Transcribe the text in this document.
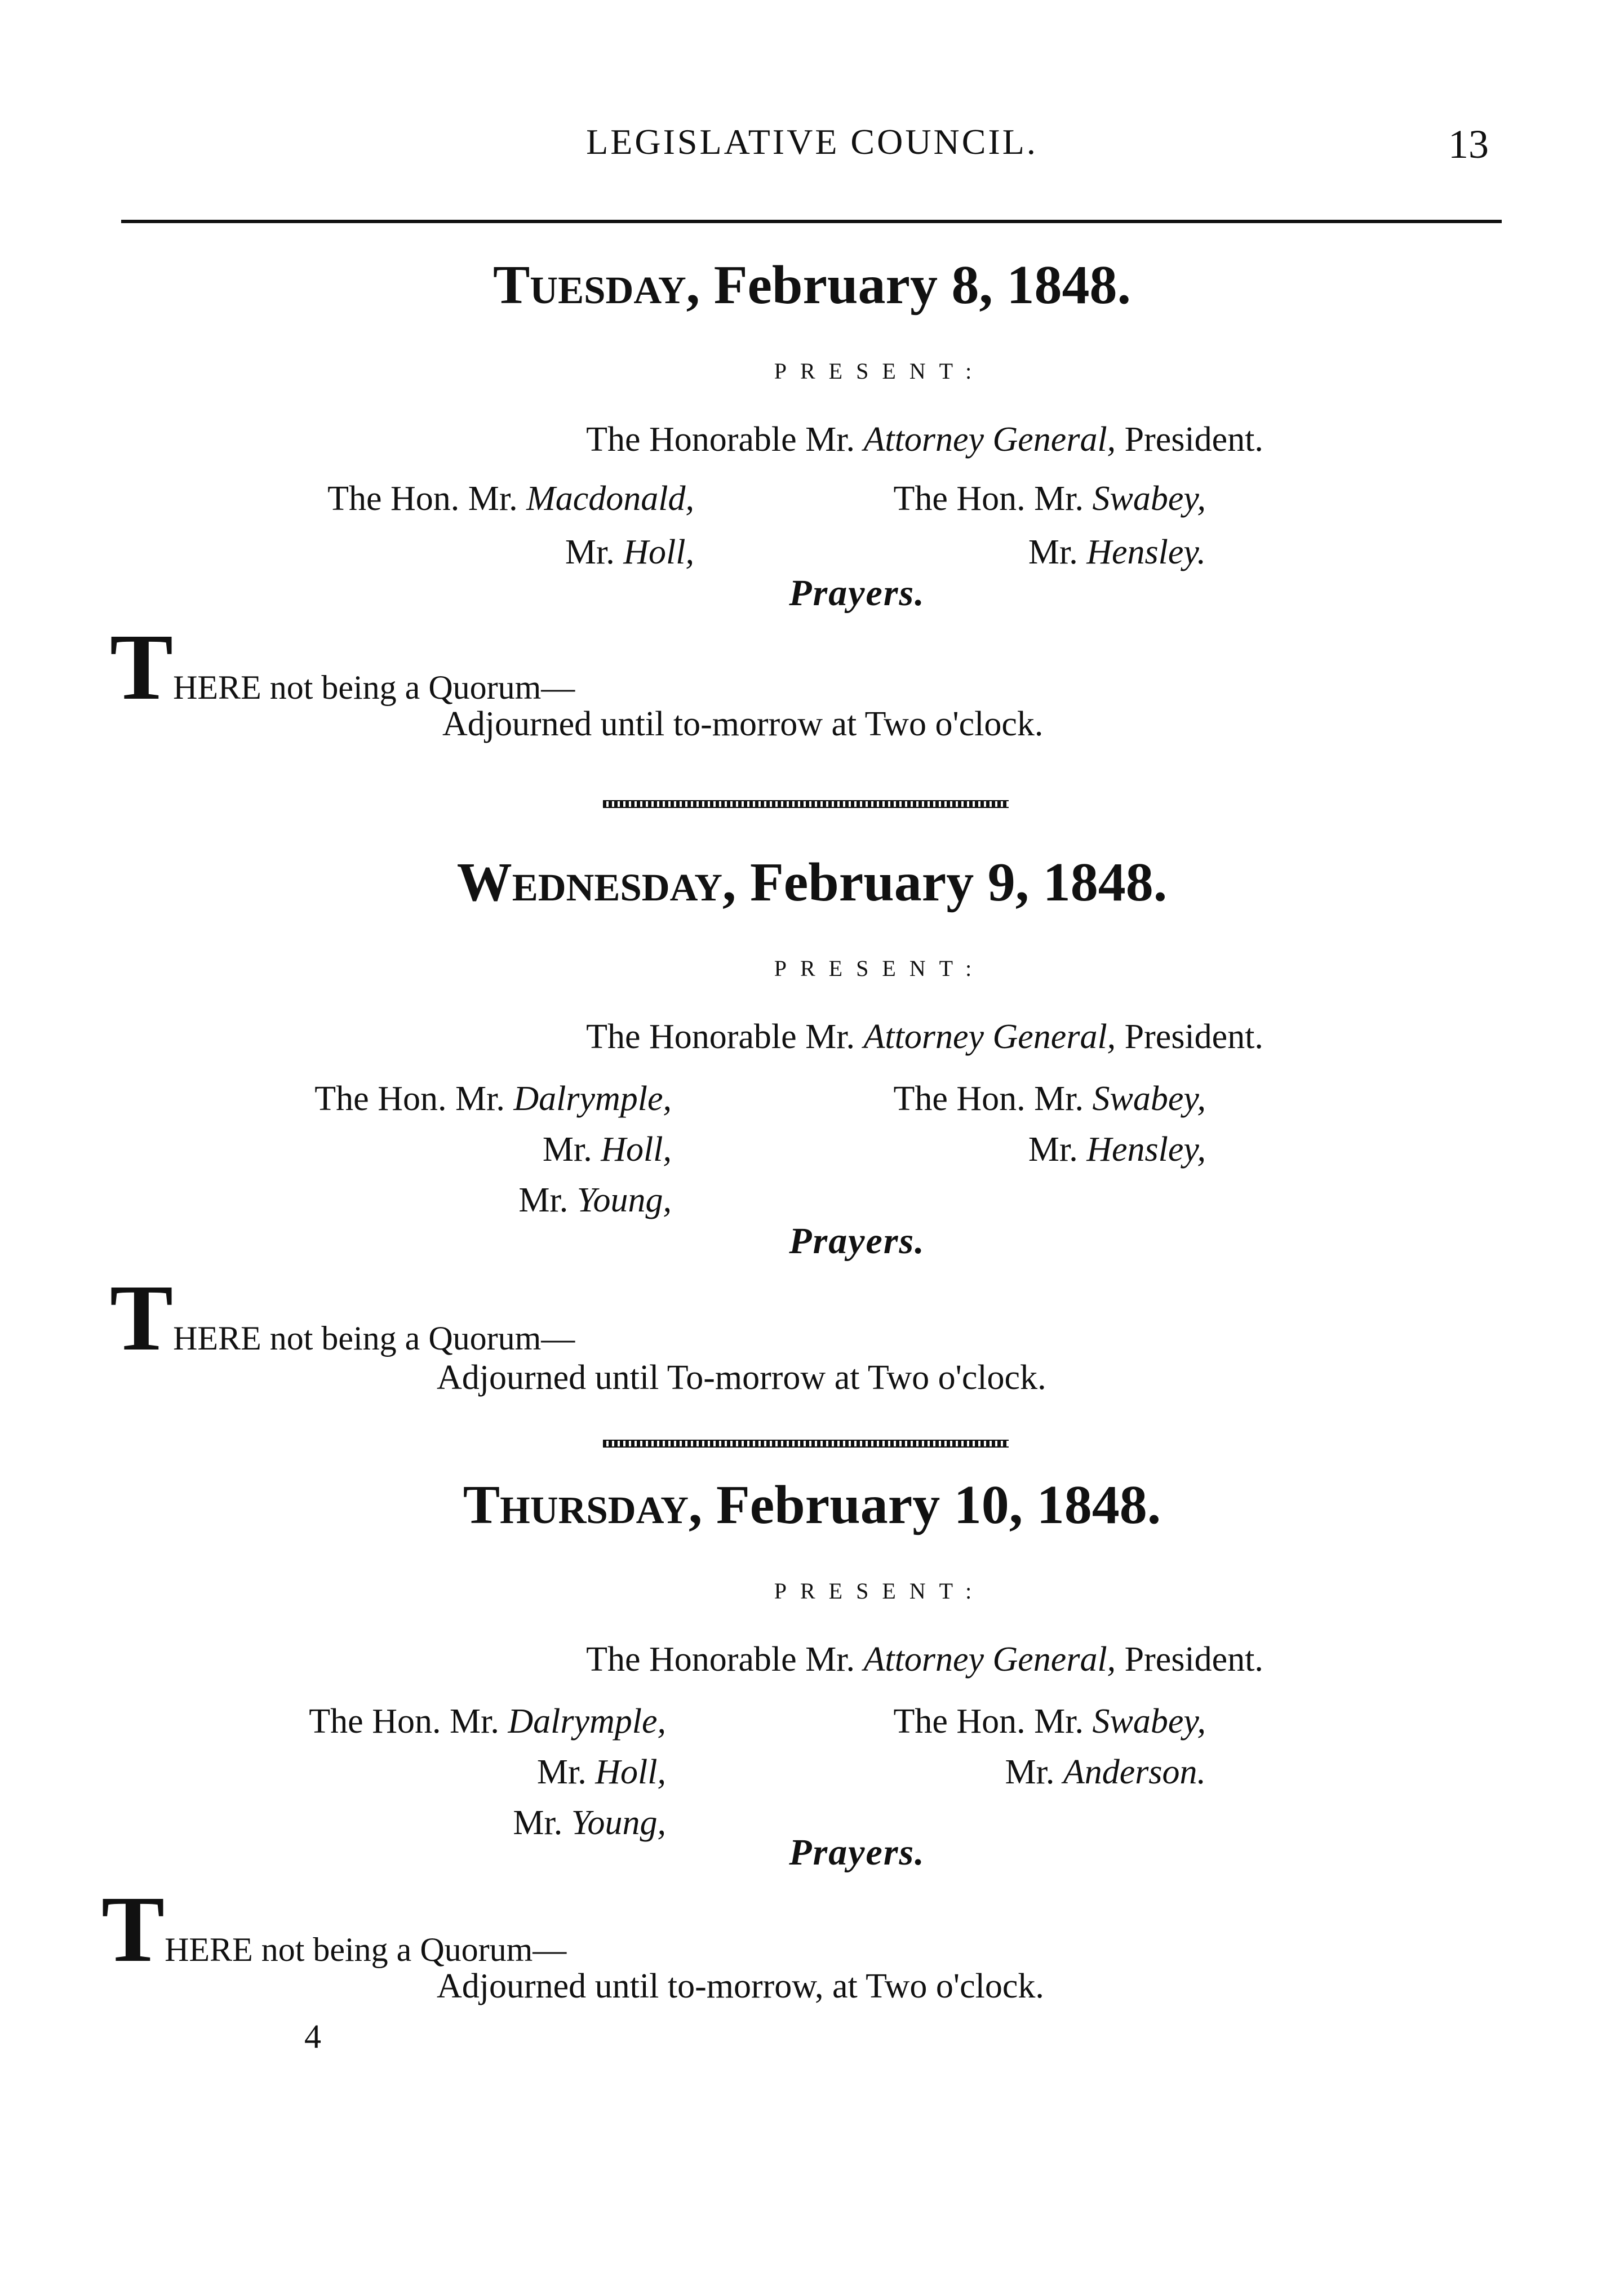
LEGISLATIVE COUNCIL.	13
Tuesday, February 8, 1848.
PRESENT:
The Honorable Mr. Attorney General, President.
The Hon. Mr. Macdonald,
Mr. Holl,
The Hon. Mr. Swabey,
Mr. Hensley.
Prayers.
THERE not being a Quorum—
Adjourned until to-morrow at Two o'clock.
Wednesday, February 9, 1848.
PRESENT:
The Honorable Mr. Attorney General, President.
The Hon. Mr. Dalrymple,
Mr. Holl,
Mr. Young,
The Hon. Mr. Swabey,
Mr. Hensley,
Prayers.
THERE not being a Quorum—
Adjourned until To-morrow at Two o'clock.
Thursday, February 10, 1848.
PRESENT:
The Honorable Mr. Attorney General, President.
The Hon. Mr. Dalrymple,
Mr. Holl,
Mr. Young,
The Hon. Mr. Swabey,
Mr. Anderson.
Prayers.
THERE not being a Quorum—
Adjourned until to-morrow, at Two o'clock.
4
